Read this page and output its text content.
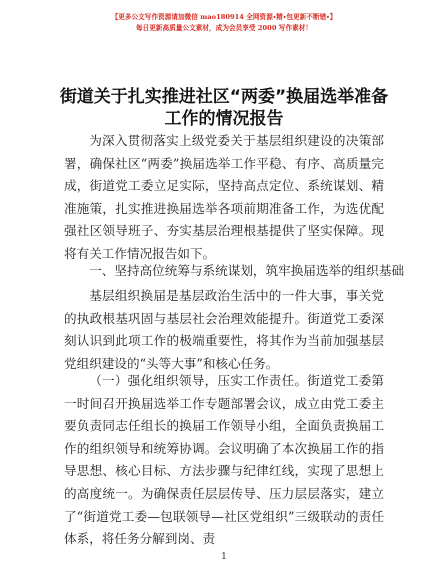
【更多公文写作资源请加微信 mao180914 全网资源∙精∙包更新不断错∙】
每日更新高质量公文素材，成为会员享受 2000 写作素材！
街道关于扎实推进社区“两委”换届选举准备
工作的情况报告

为深入贯彻落实上级党委关于基层组织建设的决策部署，确保社区“两委”换届选举工作平稳、有序、高质量完成，街道党工委立足实际，坚持高点定位、系统谋划、精准施策，扎实推进换届选举各项前期准备工作，为选优配强社区领导班子、夯实基层治理根基提供了坚实保障。现将有关工作情况报告如下。

一、坚持高位统筹与系统谋划，筑牢换届选举的组织基础

基层组织换届是基层政治生活中的一件大事，事关党的执政根基巩固与基层社会治理效能提升。街道党工委深刻认识到此项工作的极端重要性，将其作为当前加强基层党组织建设的“头等大事”和核心任务。

（一）强化组织领导，压实工作责任。街道党工委第一时间召开换届选举工作专题部署会议，成立由党工委主要负责同志任组长的换届工作领导小组，全面负责换届工作的组织领导和统筹协调。会议明确了本次换届工作的指导思想、核心目标、方法步骤与纪律红线，实现了思想上的高度统一。为确保责任层层传导、压力层层落实，建立了“街道党工委—包联领导—社区党组织”三级联动的责任体系，将任务分解到岗、责

1
